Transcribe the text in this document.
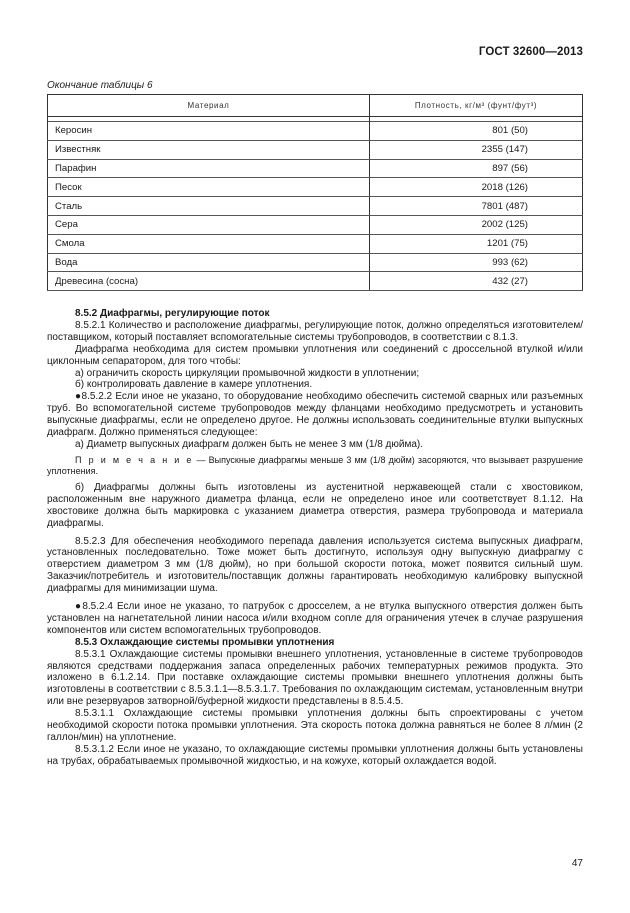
ГОСТ 32600—2013
Окончание таблицы 6
Материал	Плотность, кг/м³ (фунт/фут³)

Керосин	801 (50)
Известняк	2355 (147)
Парафин	897 (56)
Песок	2018 (126)
Сталь	7801 (487)
Сера	2002 (125)
Смола	1201 (75)
Вода	993 (62)
Древесина (сосна)	432 (27)

8.5.2 Диафрагмы, регулирующие поток

8.5.2.1 Количество и расположение диафрагмы, регулирующие поток, должно определяться изготовителем/поставщиком, который поставляет вспомогательные системы трубопроводов, в соответствии с 8.1.3.

Диафрагма необходима для систем промывки уплотнения или соединений с дроссельной втулкой и/или циклонным сепаратором, для того чтобы:

а) ограничить скорость циркуляции промывочной жидкости в уплотнении;

б) контролировать давление в камере уплотнения.

●8.5.2.2 Если иное не указано, то оборудование необходимо обеспечить системой сварных или разъемных труб. Во вспомогательной системе трубопроводов между фланцами необходимо предусмотреть и установить выпускные диафрагмы, если не определено другое. Не должны использовать соединительные втулки выпускных диафрагм. Должно применяться следующее:

а) Диаметр выпускных диафрагм должен быть не менее 3 мм (1/8 дюйма).

П р и м е ч а н и е — Выпускные диафрагмы меньше 3 мм (1/8 дюйм) засоряются, что вызывает разрушение уплотнения.

б) Диафрагмы должны быть изготовлены из аустенитной нержавеющей стали с хвостовиком, расположенным вне наружного диаметра фланца, если не определено иное или соответствует 8.1.12. На хвостовике должна быть маркировка с указанием диаметра отверстия, размера трубопровода и материала диафрагмы.

8.5.2.3 Для обеспечения необходимого перепада давления используется система выпускных диафрагм, установленных последовательно. Тоже может быть достигнуто, используя одну выпускную диафрагму с отверстием диаметром 3 мм (1/8 дюйм), но при большой скорости потока, может появится сильный шум. Заказчик/потребитель и изготовитель/поставщик должны гарантировать необходимую калибровку выпускной диафрагмы для минимизации шума.

●8.5.2.4 Если иное не указано, то патрубок с дросселем, а не втулка выпускного отверстия должен быть установлен на нагнетательной линии насоса и/или входном сопле для ограничения утечек в случае разрушения компонентов или систем вспомогательных трубопроводов.

8.5.3 Охлаждающие системы промывки уплотнения

8.5.3.1 Охлаждающие системы промывки внешнего уплотнения, установленные в системе трубопроводов являются средствами поддержания запаса определенных рабочих температурных режимов продукта. Это изложено в 6.1.2.14. При поставке охлаждающие системы промывки внешнего уплотнения должны быть изготовлены в соответствии с 8.5.3.1.1—8.5.3.1.7. Требования по охлаждающим системам, установленным внутри или вне резервуаров затворной/буферной жидкости представлены в 8.5.4.5.

8.5.3.1.1 Охлаждающие системы промывки уплотнения должны быть спроектированы с учетом необходимой скорости потока промывки уплотнения. Эта скорость потока должна равняться не более 8 л/мин (2 галлон/мин) на уплотнение.

8.5.3.1.2 Если иное не указано, то охлаждающие системы промывки уплотнения должны быть установлены на трубах, обрабатываемых промывочной жидкостью, и на кожухе, который охлаждается водой.

47
